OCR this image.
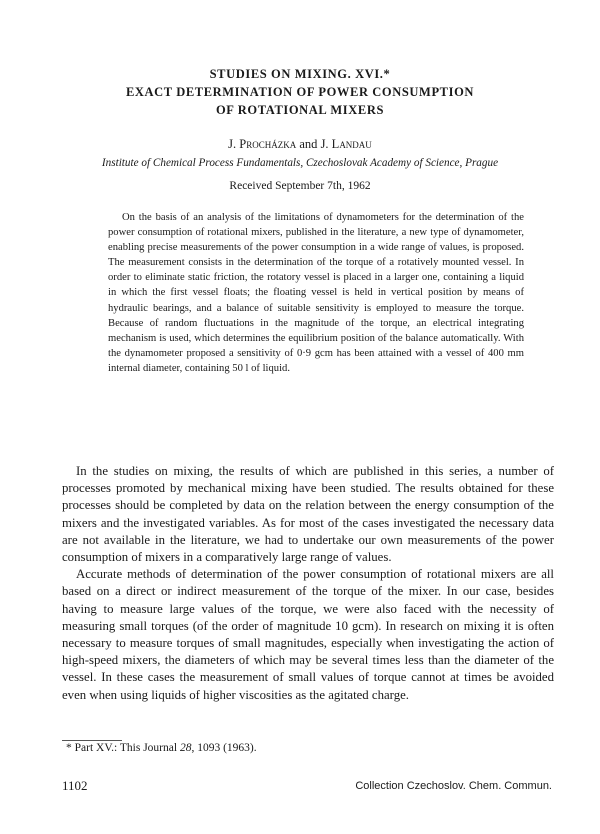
STUDIES ON MIXING. XVI.*
EXACT DETERMINATION OF POWER CONSUMPTION
OF ROTATIONAL MIXERS
J. Procházka and J. Landau
Institute of Chemical Process Fundamentals, Czechoslovak Academy of Science, Prague
Received September 7th, 1962

On the basis of an analysis of the limitations of dynamometers for the determination of the power consumption of rotational mixers, published in the literature, a new type of dynamometer, enabling precise measurements of the power consumption in a wide range of values, is proposed. The measurement consists in the determination of the torque of a rotatively mounted vessel. In order to eliminate static friction, the rotatory vessel is placed in a larger one, containing a liquid in which the first vessel floats; the floating vessel is held in vertical position by means of hydraulic bearings, and a balance of suitable sensitivity is employed to measure the torque. Because of random fluctuations in the magnitude of the torque, an electrical integrating mechanism is used, which determines the equilibrium position of the balance automatically. With the dynamometer proposed a sensitivity of 0·9 gcm has been attained with a vessel of 400 mm internal diameter, containing 50 l of liquid.

In the studies on mixing, the results of which are published in this series, a number of processes promoted by mechanical mixing have been studied. The results obtained for these processes should be completed by data on the relation between the energy consumption of the mixers and the investigated variables. As for most of the cases investigated the necessary data are not available in the literature, we had to undertake our own measurements of the power consumption of mixers in a comparatively large range of values.

Accurate methods of determination of the power consumption of rotational mixers are all based on a direct or indirect measurement of the torque of the mixer. In our case, besides having to measure large values of the torque, we were also faced with the necessity of measuring small torques (of the order of magnitude 10 gcm). In research on mixing it is often necessary to measure torques of small magnitudes, especially when investigating the action of high-speed mixers, the diameters of which may be several times less than the diameter of the vessel. In these cases the measurement of small values of torque cannot at times be avoided even when using liquids of higher viscosities as the agitated charge.

* Part XV.: This Journal 28, 1093 (1963).
1102	Collection Czechoslov. Chem. Commun.
